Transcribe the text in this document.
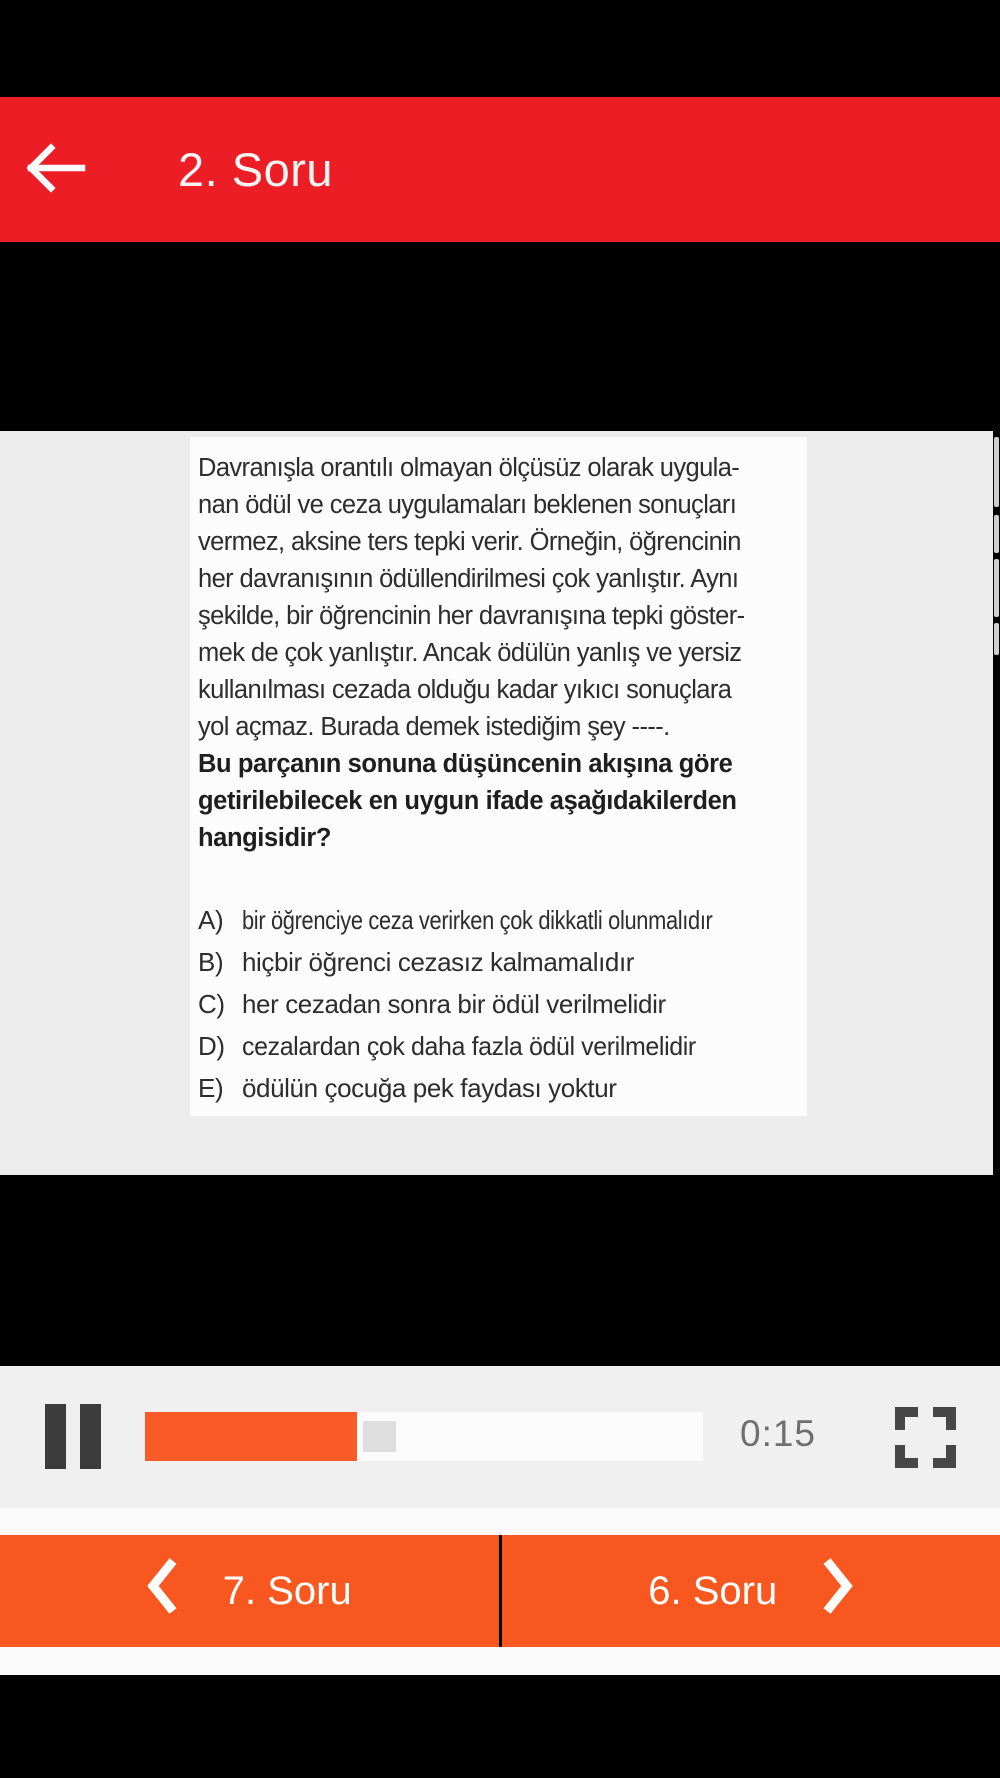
2. Soru
Davranışla orantılı olmayan ölçüsüz olarak uygula-
nan ödül ve ceza uygulamaları beklenen sonuçları
vermez, aksine ters tepki verir. Örneğin, öğrencinin
her davranışının ödüllendirilmesi çok yanlıştır. Aynı
şekilde, bir öğrencinin her davranışına tepki göster-
mek de çok yanlıştır. Ancak ödülün yanlış ve yersiz
kullanılması cezada olduğu kadar yıkıcı sonuçlara
yol açmaz. Burada demek istediğim şey ----.
Bu parçanın sonuna düşüncenin akışına göre
getirilebilecek en uygun ifade aşağıdakilerden
hangisidir?
A) bir öğrenciye ceza verirken çok dikkatli olunmalıdır
B) hiçbir öğrenci cezasız kalmamalıdır
C) her cezadan sonra bir ödül verilmelidir
D) cezalardan çok daha fazla ödül verilmelidir
E) ödülün çocuğa pek faydası yoktur
0:15
7. Soru	6. Soru
